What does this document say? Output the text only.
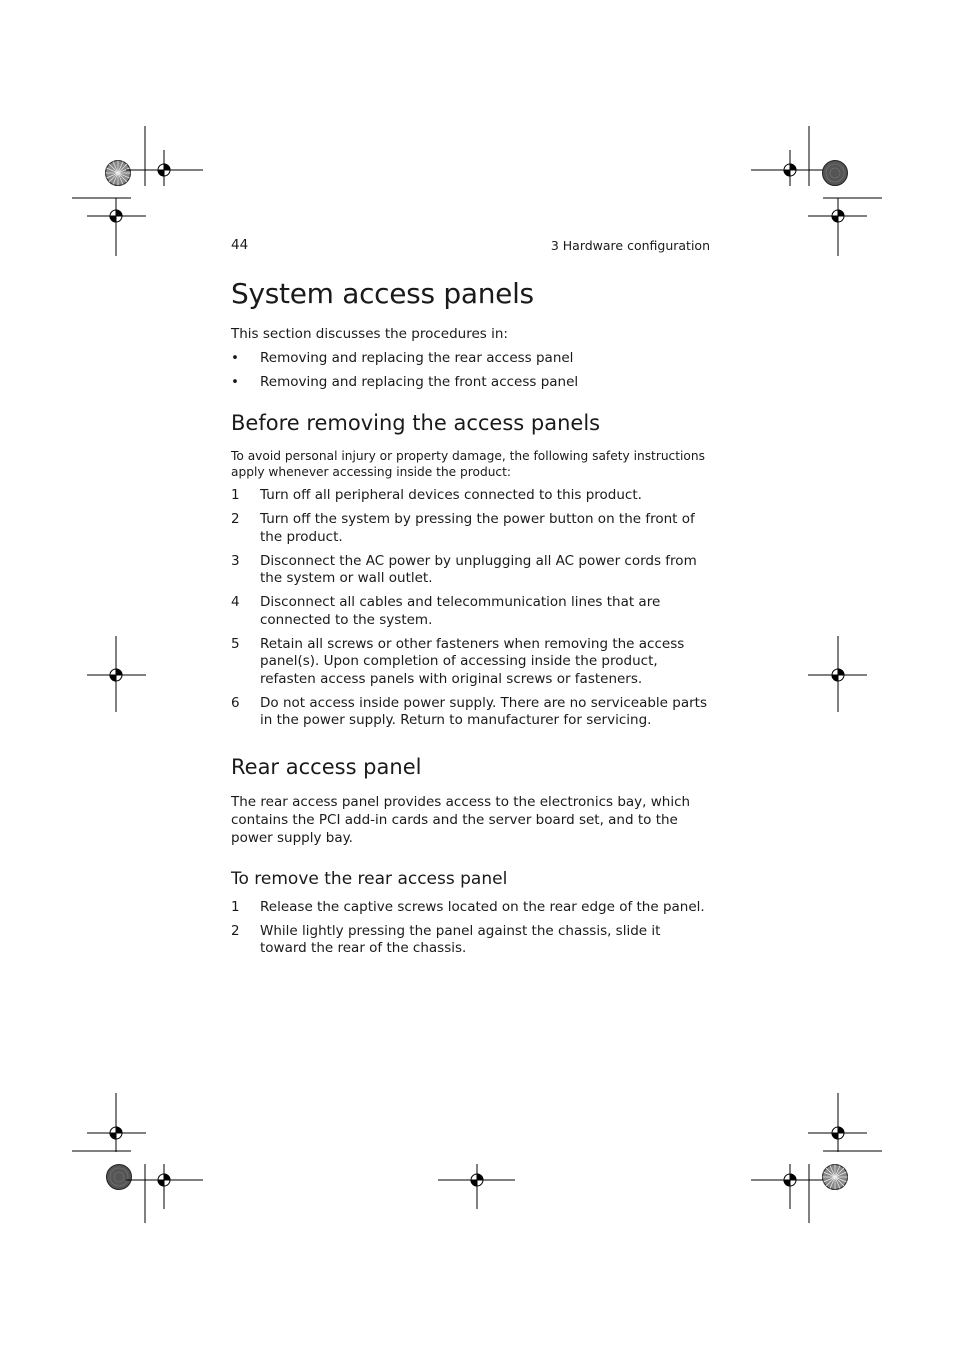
44	3 Hardware configuration
System access panels

This section discusses the procedures in:

• Removing and replacing the rear access panel
• Removing and replacing the front access panel
Before removing the access panels

To avoid personal injury or property damage, the following safety instructions apply whenever accessing inside the product:

1 Turn off all peripheral devices connected to this product.
2 Turn off the system by pressing the power button on the front of the product.
3 Disconnect the AC power by unplugging all AC power cords from the system or wall outlet.
4 Disconnect all cables and telecommunication lines that are connected to the system.
5 Retain all screws or other fasteners when removing the access panel(s). Upon completion of accessing inside the product, refasten access panels with original screws or fasteners.
6 Do not access inside power supply. There are no serviceable parts in the power supply. Return to manufacturer for servicing.
Rear access panel

The rear access panel provides access to the electronics bay, which contains the PCI add-in cards and the server board set, and to the power supply bay.

To remove the rear access panel
1 Release the captive screws located on the rear edge of the panel.
2 While lightly pressing the panel against the chassis, slide it toward the rear of the chassis.
